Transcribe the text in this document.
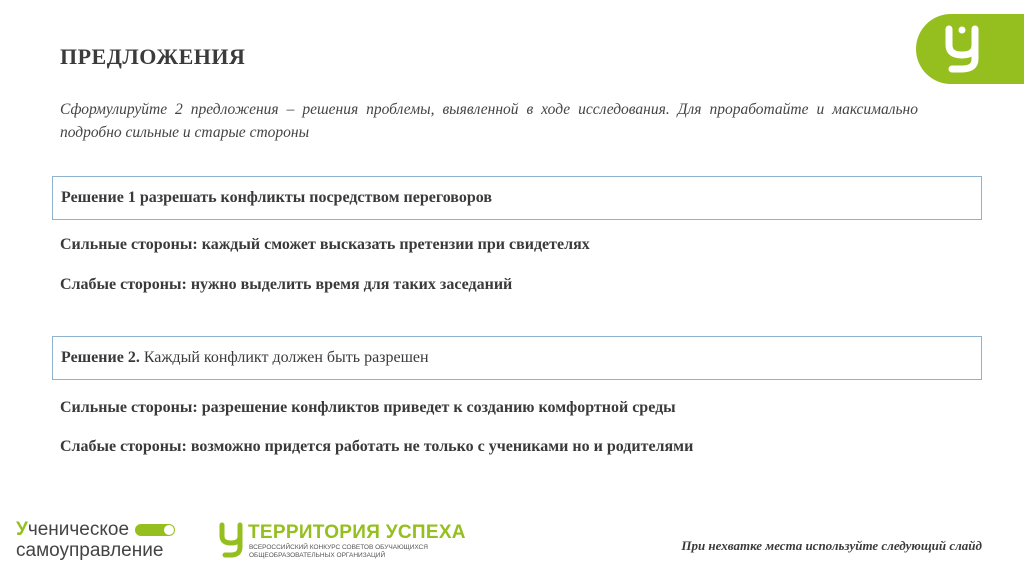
ПРЕДЛОЖЕНИЯ
Сформулируйте 2 предложения – решения проблемы, выявленной в ходе исследования. Для проработайте и максимально подробно сильные и старые стороны
Решение 1 разрешать конфликты посредством переговоров
Сильные стороны: каждый сможет высказать претензии при свидетелях
Слабые стороны: нужно выделить время для таких заседаний
Решение 2. Каждый конфликт должен быть разрешен
Сильные стороны: разрешение конфликтов приведет к созданию комфортной среды
Слабые стороны: возможно придется работать не только с учениками но и родителями
У ченическое
самоуправление
ТЕРРИТОРИЯ УСПЕХА
ВСЕРОССИЙСКИЙ КОНКУРС СОВЕТОВ ОБУЧАЮЩИХСЯ
ОБЩЕОБРАЗОВАТЕЛЬНЫХ ОРГАНИЗАЦИЙ
При нехватке места используйте следующий слайд
